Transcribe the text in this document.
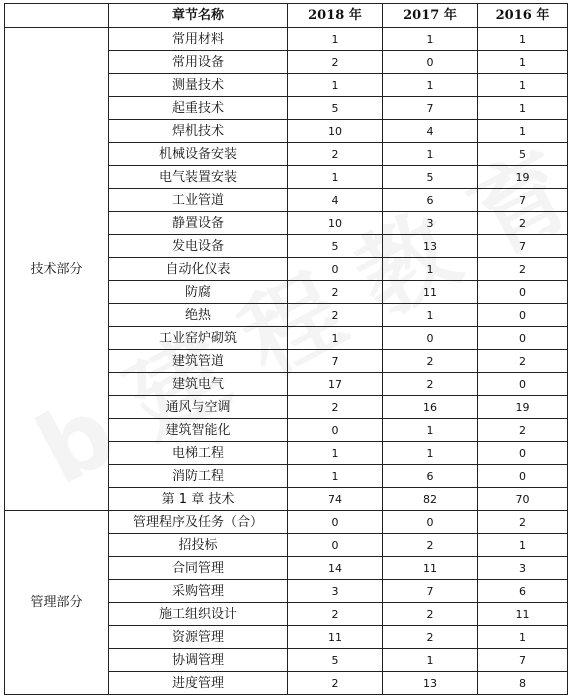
	章节名称	2018 年	2017 年	2016 年
技术部分	常用材料	1	1	1
	常用设备	2	0	1
	测量技术	1	1	1
	起重技术	5	7	1
	焊机技术	10	4	1
	机械设备安装	2	1	5
	电气装置安装	1	5	19
	工业管道	4	6	7
	静置设备	10	3	2
	发电设备	5	13	7
	自动化仪表	0	1	2
	防腐	2	11	0
	绝热	2	1	0
	工业窑炉砌筑	1	0	0
	建筑管道	7	2	2
	建筑电气	17	2	0
	通风与空调	2	16	19
	建筑智能化	0	1	2
	电梯工程	1	1	0
	消防工程	1	6	0
	第 1 章 技术	74	82	70
管理部分	管理程序及任务（合）	0	0	2
	招投标	0	2	1
	合同管理	14	11	3
	采购管理	3	7	6
	施工组织设计	2	2	11
	资源管理	11	2	1
	协调管理	5	1	7
	进度管理	2	13	8
